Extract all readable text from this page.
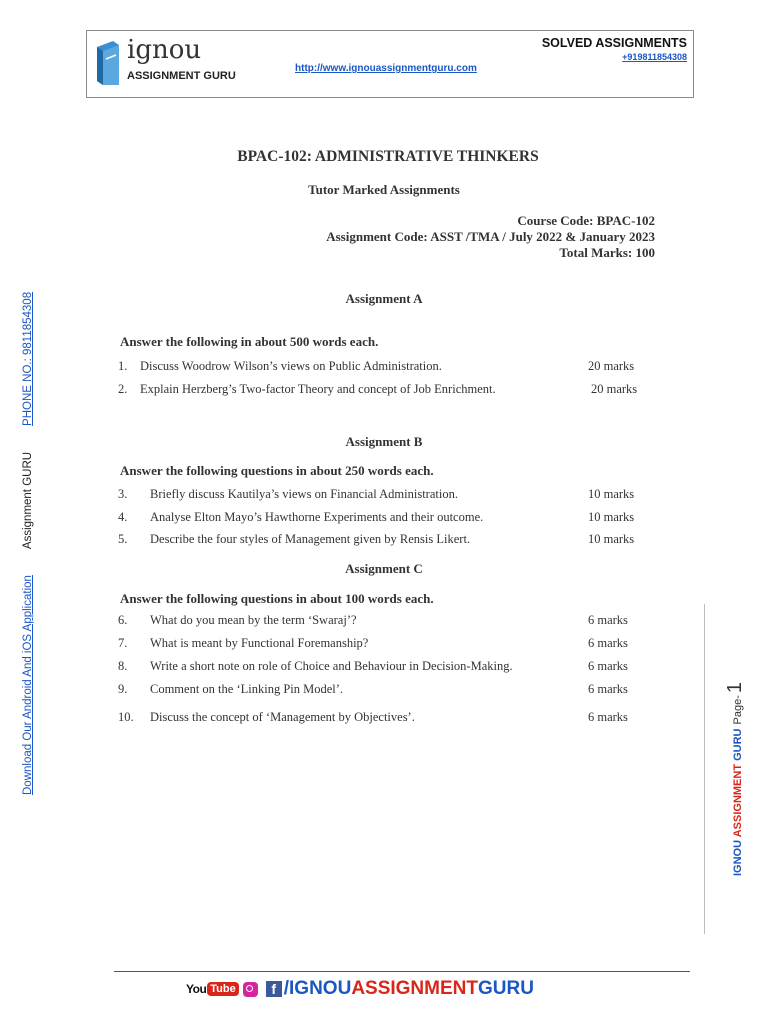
ignou
ASSIGNMENT GURU
http://www.ignouassignmentguru.com
SOLVED ASSIGNMENTS
+919811854308
Download Our Android And iOS ApplicationAssignment GURUPHONE NO.: 9811854308
IGNOU ASSIGNMENT GURUPage-1
BPAC-102: ADMINISTRATIVE THINKERS
Tutor Marked Assignments
Course Code: BPAC-102
Assignment Code: ASST /TMA / July 2022 & January 2023
Total Marks: 100
Assignment A
Answer the following in about 500 words each.
1. Discuss Woodrow Wilson’s views on Public Administration.	20 marks
2. Explain Herzberg’s Two-factor Theory and concept of Job Enrichment.	20 marks
Assignment B
Answer the following questions in about 250 words each.
3. Briefly discuss Kautilya’s views on Financial Administration.	10 marks
4. Analyse Elton Mayo’s Hawthorne Experiments and their outcome.	10 marks
5. Describe the four styles of Management given by Rensis Likert.	10 marks
Assignment C
Answer the following questions in about 100 words each.
6. What do you mean by the term ‘Swaraj’?	6 marks
7. What is meant by Functional Foremanship?	6 marks
8. Write a short note on role of Choice and Behaviour in Decision-Making.	6 marks
9. Comment on the ‘Linking Pin Model’.	6 marks
10. Discuss the concept of ‘Management by Objectives’.	6 marks
You Tube	f / IGNOU ASSIGNMENT GURU
